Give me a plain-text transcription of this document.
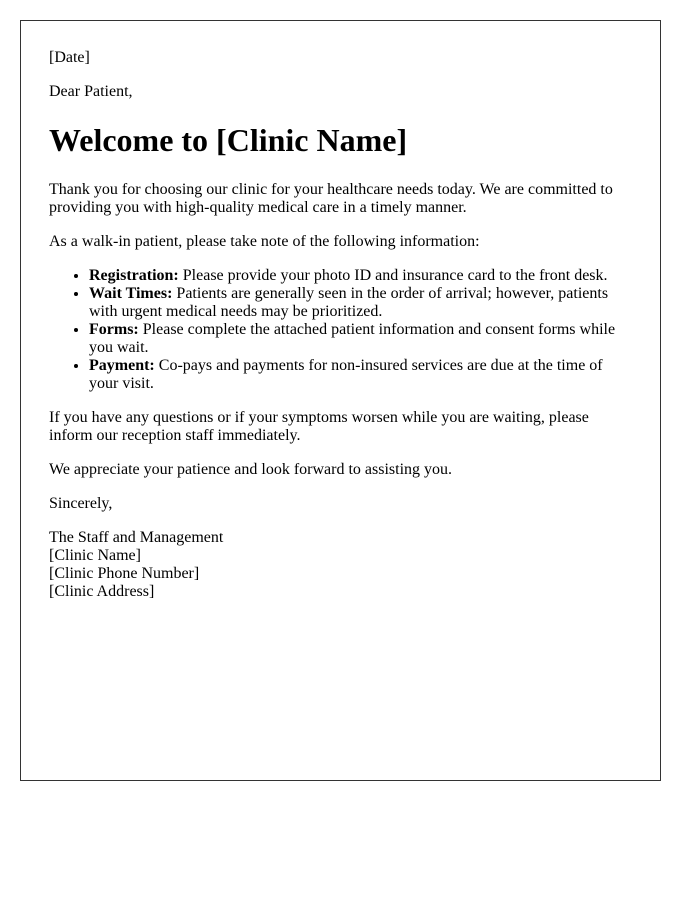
[Date]

Dear Patient,

Welcome to [Clinic Name]

Thank you for choosing our clinic for your healthcare needs today. We are committed to providing you with high-quality medical care in a timely manner.

As a walk-in patient, please take note of the following information:

• Registration: Please provide your photo ID and insurance card to the front desk.
• Wait Times: Patients are generally seen in the order of arrival; however, patients with urgent medical needs may be prioritized.
• Forms: Please complete the attached patient information and consent forms while you wait.
• Payment: Co-pays and payments for non-insured services are due at the time of your visit.

If you have any questions or if your symptoms worsen while you are waiting, please inform our reception staff immediately.

We appreciate your patience and look forward to assisting you.

Sincerely,

The Staff and Management
[Clinic Name]
[Clinic Phone Number]
[Clinic Address]
